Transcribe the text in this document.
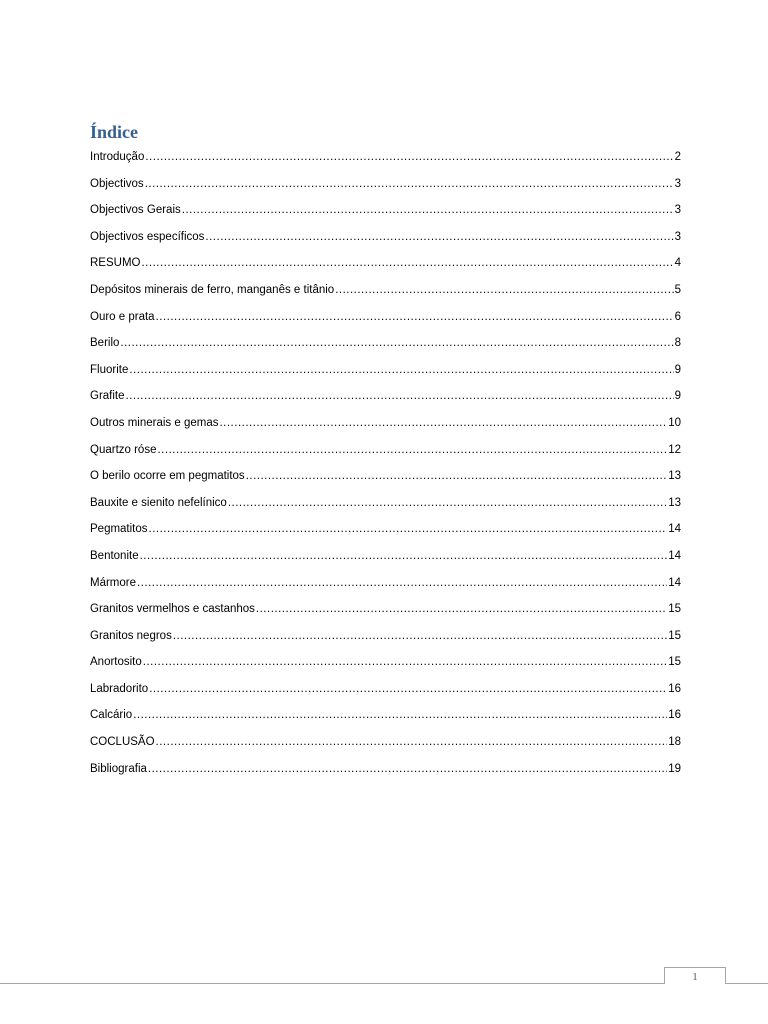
Índice
Introdução .....	2
Objectivos .....	3
Objectivos Gerais .....	3
Objectivos específicos .....	3
RESUMO .....	4
Depósitos minerais de ferro, manganês e titânio .....	5
Ouro e prata .....	6
Berilo .....	8
Fluorite .....	9
Grafite .....	9
Outros minerais e gemas .....	10
Quartzo róse .....	12
O berilo ocorre em pegmatitos .....	13
Bauxite e sienito nefelínico .....	13
Pegmatitos .....	14
Bentonite .....	14
Mármore .....	14
Granitos vermelhos e castanhos .....	15
Granitos negros .....	15
Anortosito .....	15
Labradorito .....	16
Calcário .....	16
COCLUSÃO .....	18
Bibliografia .....	19
1
